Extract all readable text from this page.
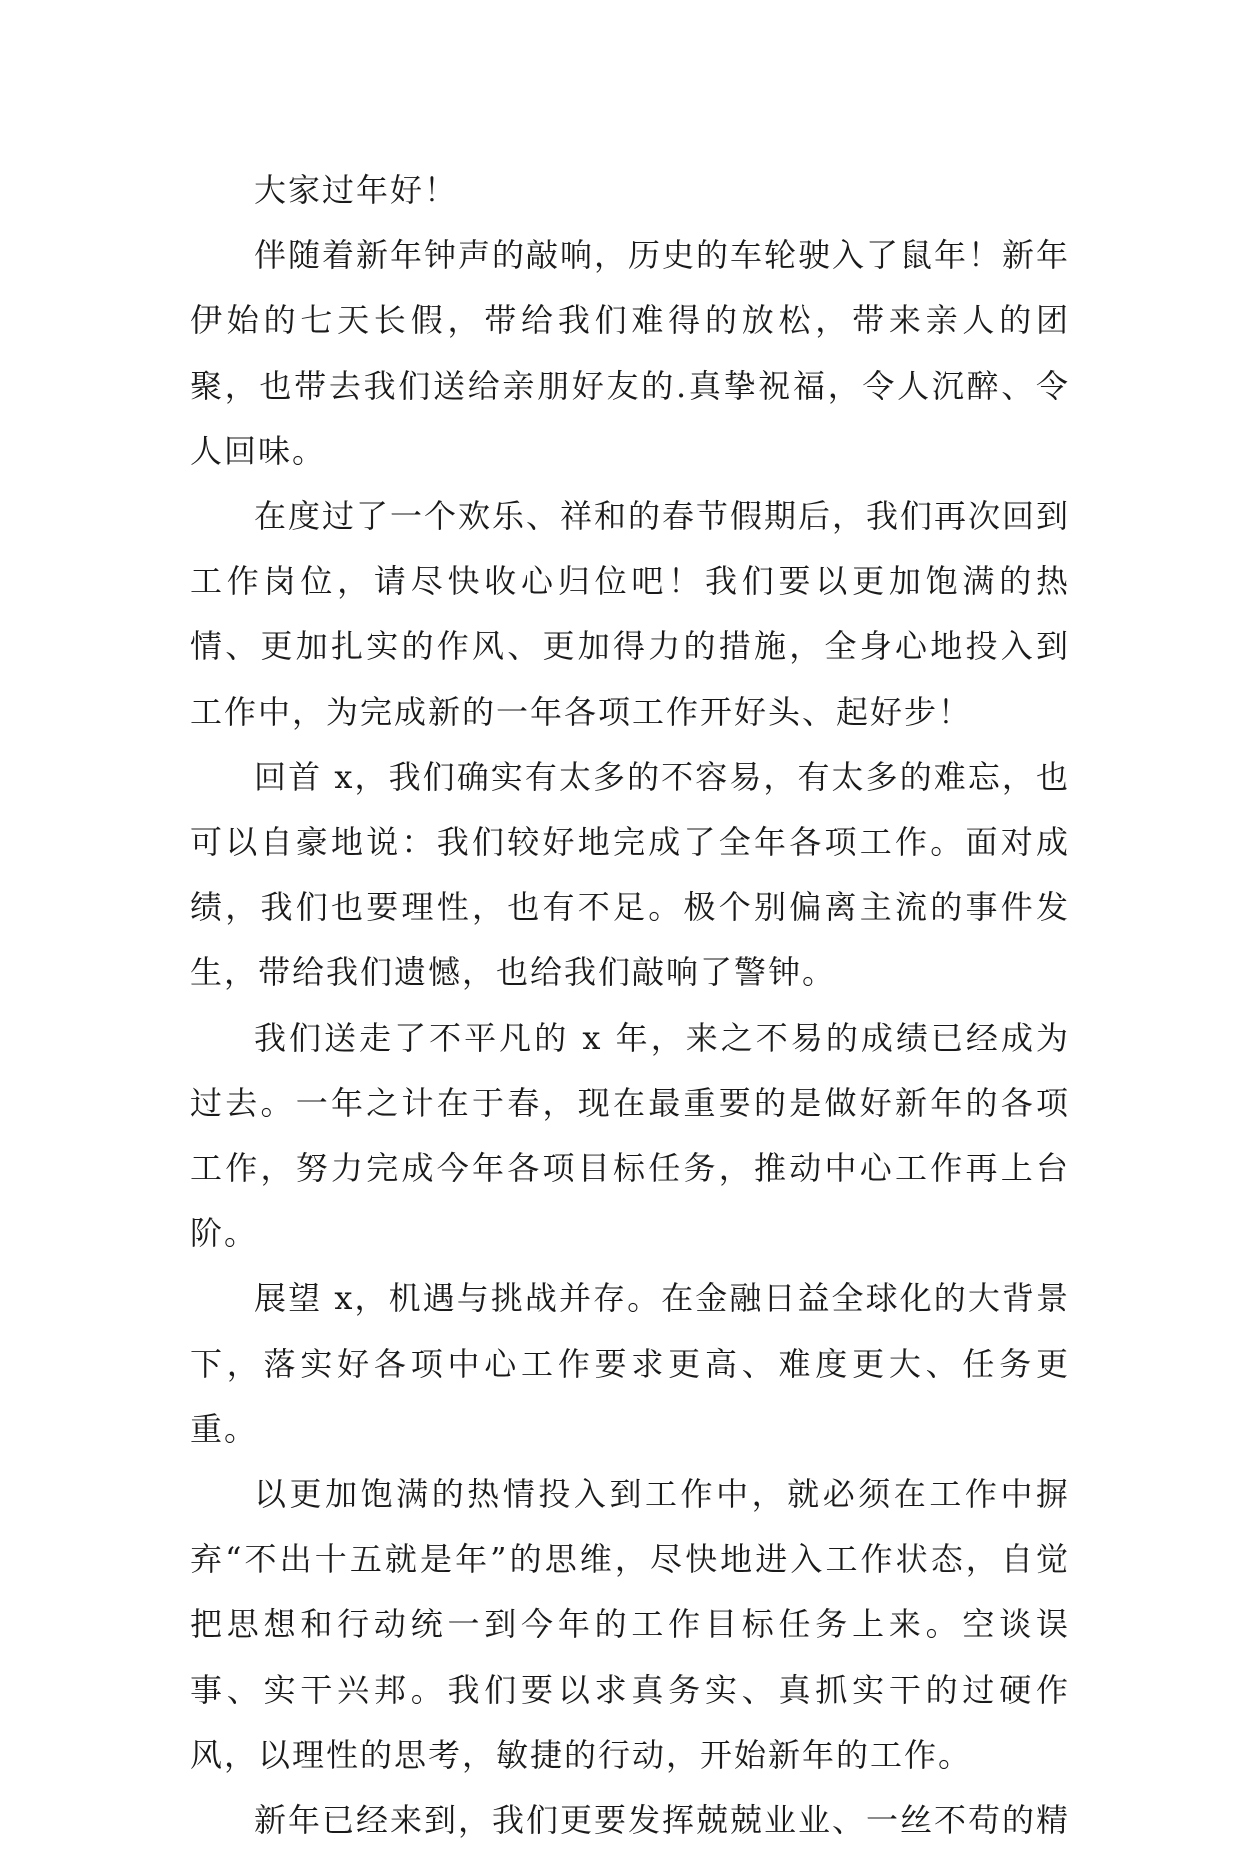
大家过年好！

伴随着新年钟声的敲响，历史的车轮驶入了鼠年！新年伊始的七天长假，带给我们难得的放松，带来亲人的团聚，也带去我们送给亲朋好友的.真挚祝福，令人沉醉、令人回味。

在度过了一个欢乐、祥和的春节假期后，我们再次回到工作岗位，请尽快收心归位吧！我们要以更加饱满的热情、更加扎实的作风、更加得力的措施，全身心地投入到工作中，为完成新的一年各项工作开好头、起好步！

回首 x，我们确实有太多的不容易，有太多的难忘，也可以自豪地说：我们较好地完成了全年各项工作。面对成绩，我们也要理性，也有不足。极个别偏离主流的事件发生，带给我们遗憾，也给我们敲响了警钟。

我们送走了不平凡的 x 年，来之不易的成绩已经成为过去。一年之计在于春，现在最重要的是做好新年的各项工作，努力完成今年各项目标任务，推动中心工作再上台阶。

展望 x，机遇与挑战并存。在金融日益全球化的大背景下，落实好各项中心工作要求更高、难度更大、任务更重。

以更加饱满的热情投入到工作中，就必须在工作中摒弃“不出十五就是年”的思维，尽快地进入工作状态，自觉把思想和行动统一到今年的工作目标任务上来。空谈误事、实干兴邦。我们要以求真务实、真抓实干的过硬作风，以理性的思考，敏捷的行动，开始新年的工作。

新年已经来到，我们更要发挥兢兢业业、一丝不苟的精
